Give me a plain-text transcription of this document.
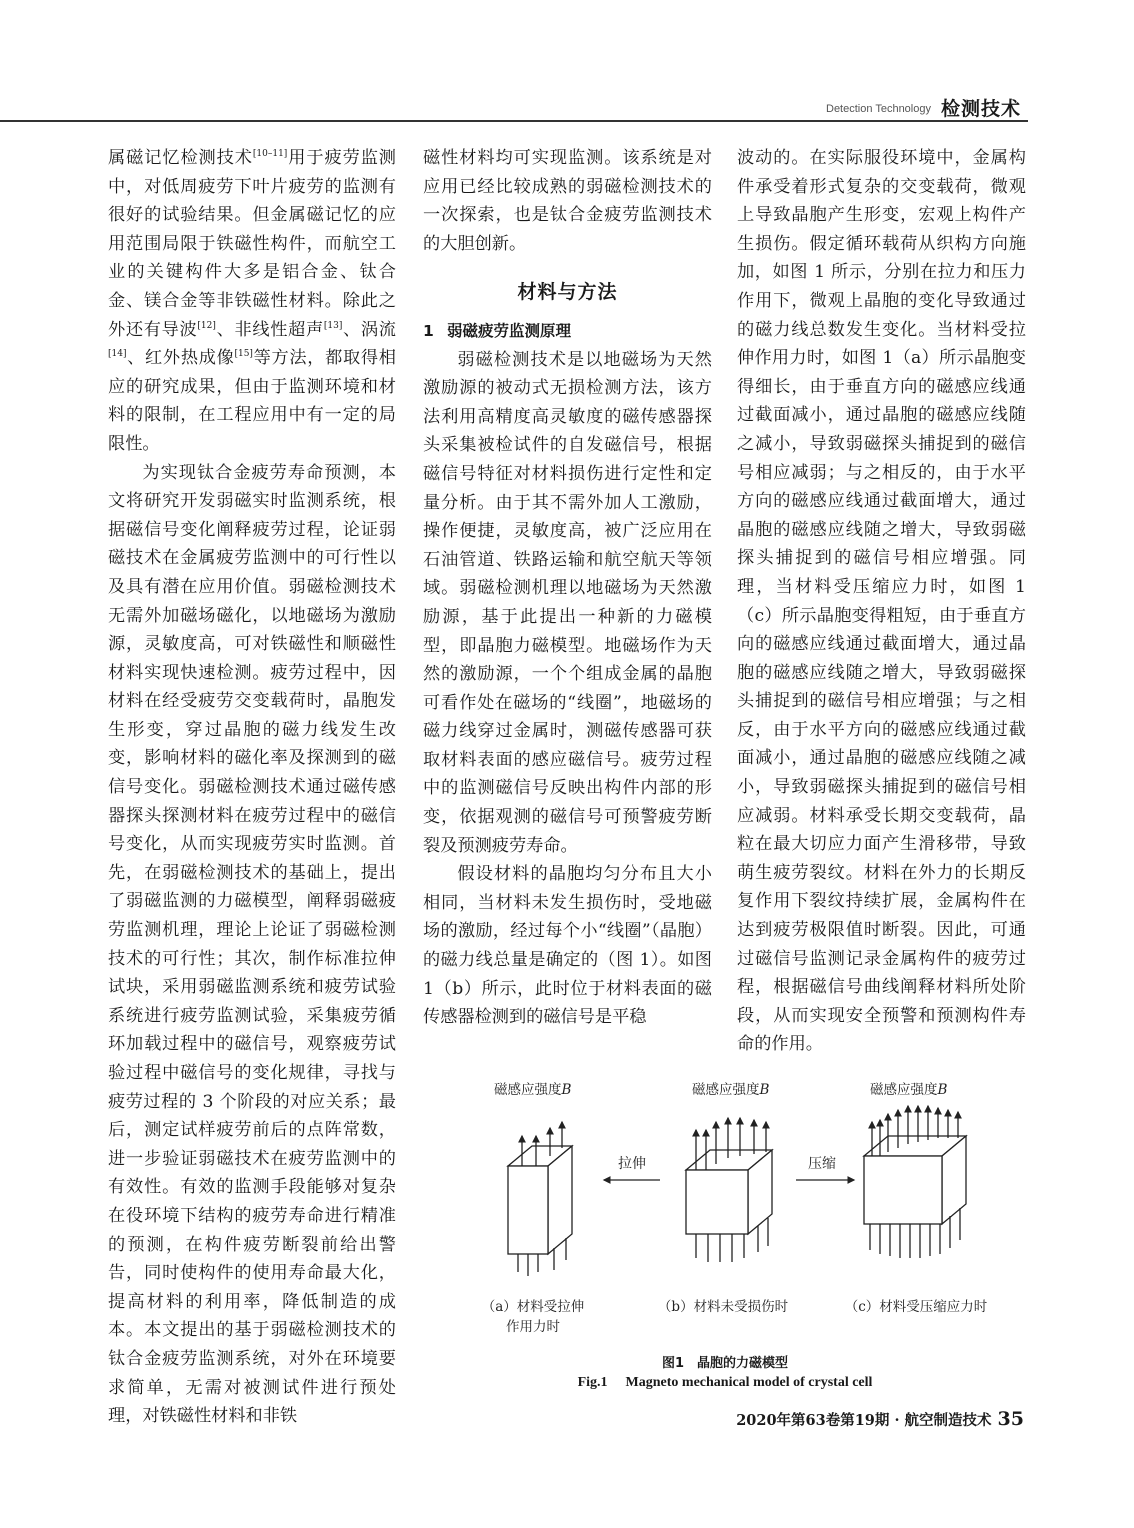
Detection Technology 检测技术

属磁记忆检测技术[10–11]用于疲劳监测中，对低周疲劳下叶片疲劳的监测有很好的试验结果。但金属磁记忆的应用范围局限于铁磁性构件，而航空工业的关键构件大多是铝合金、钛合金、镁合金等非铁磁性材料。除此之外还有导波[12]、非线性超声[13]、涡流[14]、红外热成像[15]等方法，都取得相应的研究成果，但由于监测环境和材料的限制，在工程应用中有一定的局限性。

为实现钛合金疲劳寿命预测，本文将研究开发弱磁实时监测系统，根据磁信号变化阐释疲劳过程，论证弱磁技术在金属疲劳监测中的可行性以及具有潜在应用价值。弱磁检测技术无需外加磁场磁化，以地磁场为激励源，灵敏度高，可对铁磁性和顺磁性材料实现快速检测。疲劳过程中，因材料在经受疲劳交变载荷时，晶胞发生形变，穿过晶胞的磁力线发生改变，影响材料的磁化率及探测到的磁信号变化。弱磁检测技术通过磁传感器探头探测材料在疲劳过程中的磁信号变化，从而实现疲劳实时监测。首先，在弱磁检测技术的基础上，提出了弱磁监测的力磁模型，阐释弱磁疲劳监测机理，理论上论证了弱磁检测技术的可行性；其次，制作标准拉伸试块，采用弱磁监测系统和疲劳试验系统进行疲劳监测试验，采集疲劳循环加载过程中的磁信号，观察疲劳试验过程中磁信号的变化规律，寻找与疲劳过程的 3 个阶段的对应关系；最后，测定试样疲劳前后的点阵常数，进一步验证弱磁技术在疲劳监测中的有效性。有效的监测手段能够对复杂在役环境下结构的疲劳寿命进行精准的预测，在构件疲劳断裂前给出警告，同时使构件的使用寿命最大化，提高材料的利用率，降低制造的成本。本文提出的基于弱磁检测技术的钛合金疲劳监测系统，对外在环境要求简单，无需对被测试件进行预处理，对铁磁性材料和非铁

磁性材料均可实现监测。该系统是对应用已经比较成熟的弱磁检测技术的一次探索，也是钛合金疲劳监测技术的大胆创新。

材料与方法
1 弱磁疲劳监测原理

弱磁检测技术是以地磁场为天然激励源的被动式无损检测方法，该方法利用高精度高灵敏度的磁传感器探头采集被检试件的自发磁信号，根据磁信号特征对材料损伤进行定性和定量分析。由于其不需外加人工激励，操作便捷，灵敏度高，被广泛应用在石油管道、铁路运输和航空航天等领域。弱磁检测机理以地磁场为天然激励源，基于此提出一种新的力磁模型，即晶胞力磁模型。地磁场作为天然的激励源，一个个组成金属的晶胞可看作处在磁场的“线圈”，地磁场的磁力线穿过金属时，测磁传感器可获取材料表面的感应磁信号。疲劳过程中的监测磁信号反映出构件内部的形变，依据观测的磁信号可预警疲劳断裂及预测疲劳寿命。

假设材料的晶胞均匀分布且大小相同，当材料未发生损伤时，受地磁场的激励，经过每个小“线圈”（晶胞）的磁力线总量是确定的（图 1）。如图 1（b）所示，此时位于材料表面的磁传感器检测到的磁信号是平稳

波动的。在实际服役环境中，金属构件承受着形式复杂的交变载荷，微观上导致晶胞产生形变，宏观上构件产生损伤。假定循环载荷从织构方向施加，如图 1 所示，分别在拉力和压力作用下，微观上晶胞的变化导致通过的磁力线总数发生变化。当材料受拉伸作用力时，如图 1（a）所示晶胞变得细长，由于垂直方向的磁感应线通过截面减小，通过晶胞的磁感应线随之减小，导致弱磁探头捕捉到的磁信号相应减弱；与之相反的，由于水平方向的磁感应线通过截面增大，通过晶胞的磁感应线随之增大，导致弱磁探头捕捉到的磁信号相应增强。同理，当材料受压缩应力时，如图 1（c）所示晶胞变得粗短，由于垂直方向的磁感应线通过截面增大，通过晶胞的磁感应线随之增大，导致弱磁探头捕捉到的磁信号相应增强；与之相反，由于水平方向的磁感应线通过截面减小，通过晶胞的磁感应线随之减小，导致弱磁探头捕捉到的磁信号相应减弱。材料承受长期交变载荷，晶粒在最大切应力面产生滑移带，导致萌生疲劳裂纹。材料在外力的长期反复作用下裂纹持续扩展，金属构件在达到疲劳极限值时断裂。因此，可通过磁信号监测记录金属构件的疲劳过程，根据磁信号曲线阐释材料所处阶段，从而实现安全预警和预测构件寿命的作用。

磁感应强度B	磁感应强度B	磁感应强度B
拉伸	压缩
（a）材料受拉伸
作用力时
（b）材料未受损伤时	（c）材料受压缩应力时
图1　晶胞的力磁模型
Fig.1 Magneto mechanical model of crystal cell
2020年第63卷第19期 · 航空制造技术 35
